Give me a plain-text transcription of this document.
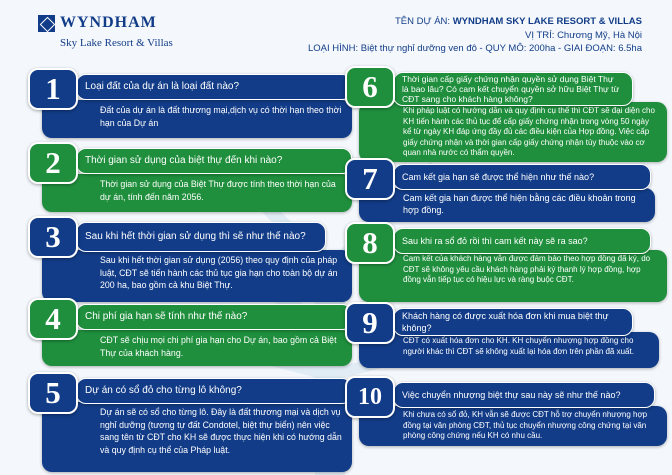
WYNDHAM
Sky Lake Resort & Villas
TÊN DỰ ÁN: WYNDHAM SKY LAKE RESORT & VILLAS
VỊ TRÍ: Chương Mỹ, Hà Nội
LOẠI HÌNH: Biệt thự nghỉ dưỡng ven đô - QUY MÔ: 200ha - GIAI ĐOẠN: 6.5ha
1	Loại đất của dự án là loại đất nào?
Đất của dự án là đất thương mại,dịch vụ có thời hạn theo thời hạn của Dự án
2	Thời gian sử dụng của biệt thự đến khi nào?
Thời gian sử dụng của Biệt Thự được tính theo thời hạn của dự án, tính đến năm 2056.
3	Sau khi hết thời gian sử dụng thì sẽ như thế nào?
Sau khi hết thời gian sử dụng (2056) theo quy định của pháp luật, CĐT sẽ tiến hành các thủ tục gia hạn cho toàn bộ dự án 200 ha, bao gồm cả khu Biệt Thự.
4	Chi phí gia hạn sẽ tính như thế nào?
CĐT sẽ chịu mọi chi phí gia hạn cho Dự án, bao gồm cả Biệt Thự của khách hàng.
5	Dự án có sổ đỏ cho từng lô không?
Dự án sẽ có sổ cho từng lô. Đây là đất thương mại và dịch vụ nghỉ dưỡng (tương tự đất Condotel, biệt thự biển) nên việc sang tên từ CĐT cho KH sẽ được thực hiện khi có hướng dẫn và quy định cụ thể của Pháp luật.
6	Thời gian cấp giấy chứng nhận quyền sử dụng Biệt Thự là bao lâu? Có cam kết chuyển quyền sở hữu Biệt Thự từ CĐT sang cho khách hàng không?
Khi pháp luật có hướng dẫn và quy định cụ thể thì CĐT sẽ đại diện cho KH tiến hành các thủ tục để cấp giấy chứng nhận trong vòng 50 ngày kể từ ngày KH đáp ứng đầy đủ các điều kiện của Hợp đồng. Việc cấp giấy chứng nhận và thời gian cấp giấy chứng nhận tùy thuộc vào cơ quan nhà nước có thẩm quyền.
7	Cam kết gia hạn sẽ được thể hiện như thế nào?
Cam kết gia hạn được thể hiện bằng các điều khoản trong hợp đồng.
8	Sau khi ra sổ đỏ rồi thì cam kết này sẽ ra sao?
Cam kết của khách hàng vẫn được đảm bảo theo hợp đồng đã ký, do CĐT sẽ không yêu cầu khách hàng phải ký thanh lý hợp đồng, hợp đồng vẫn tiếp tục có hiệu lực và ràng buộc CĐT.
9	Khách hàng có được xuất hóa đơn khi mua biệt thự không?
CĐT có xuất hóa đơn cho KH. KH chuyển nhượng hợp đồng cho người khác thì CĐT sẽ không xuất lại hóa đơn trên phần đã xuất.
10	Việc chuyển nhượng biệt thự sau này sẽ như thế nào?
Khi chưa có sổ đỏ, KH vẫn sẽ được CĐT hỗ trợ chuyển nhượng hợp đồng tại văn phòng CĐT, thủ tục chuyển nhượng công chứng tại văn phòng công chứng nếu KH có nhu cầu.
